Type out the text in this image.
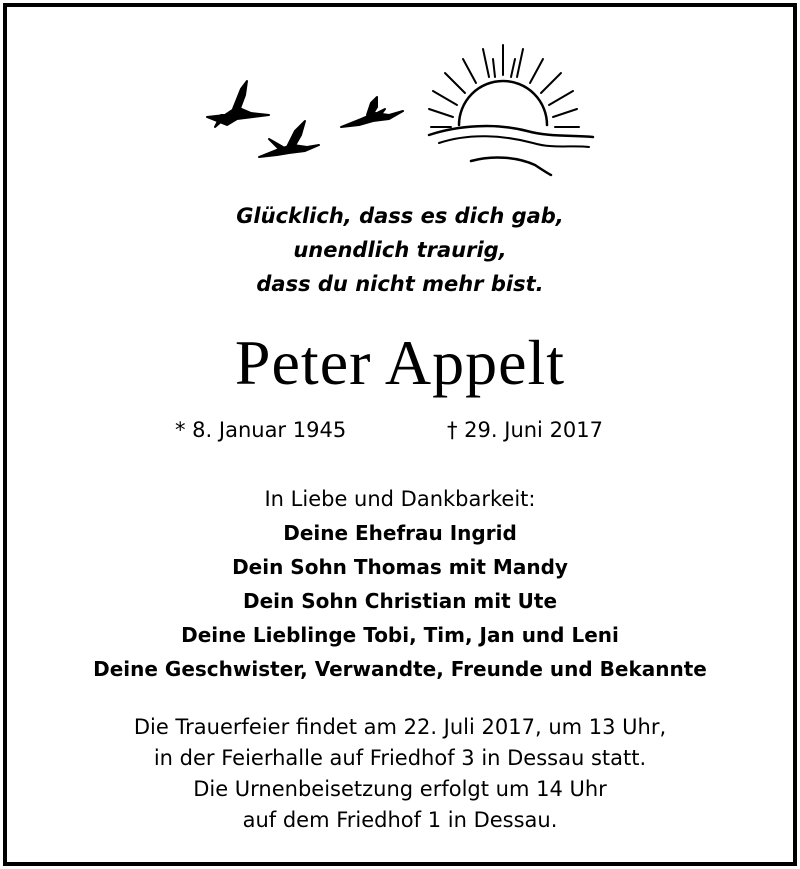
Glücklich, dass es dich gab,
unendlich traurig,
dass du nicht mehr bist.
Peter Appelt
* 8. Januar 1945	† 29. Juni 2017
In Liebe und Dankbarkeit:
Deine Ehefrau Ingrid
Dein Sohn Thomas mit Mandy
Dein Sohn Christian mit Ute
Deine Lieblinge Tobi, Tim, Jan und Leni
Deine Geschwister, Verwandte, Freunde und Bekannte
Die Trauerfeier findet am 22. Juli 2017, um 13 Uhr,
in der Feierhalle auf Friedhof 3 in Dessau statt.
Die Urnenbeisetzung erfolgt um 14 Uhr
auf dem Friedhof 1 in Dessau.
